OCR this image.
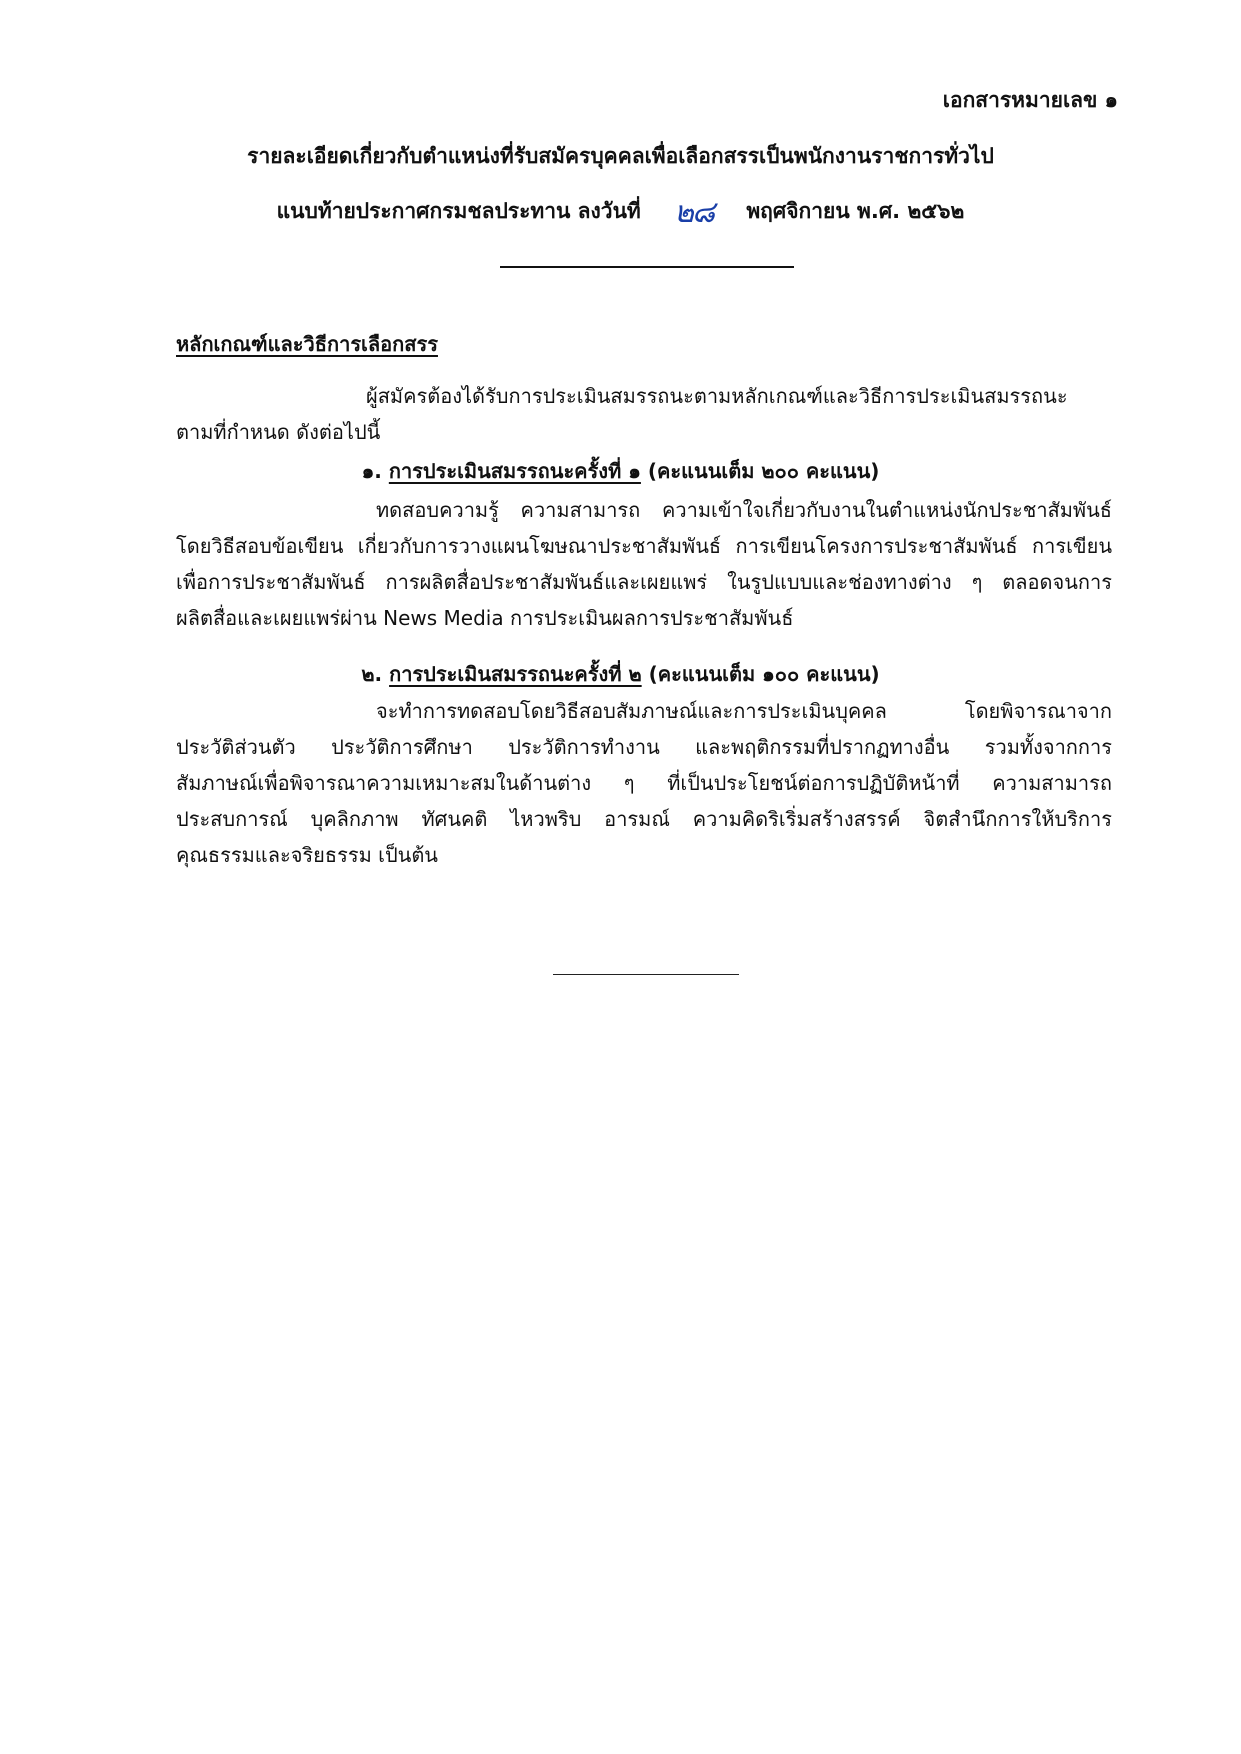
เอกสารหมายเลข ๑
รายละเอียดเกี่ยวกับตำแหน่งที่รับสมัครบุคคลเพื่อเลือกสรรเป็นพนักงานราชการทั่วไป
แนบท้ายประกาศกรมชลประทาน ลงวันที่ ๒๘ พฤศจิกายน พ.ศ. ๒๕๖๒
หลักเกณฑ์และวิธีการเลือกสรร
ผู้สมัครต้องได้รับการประเมินสมรรถนะตามหลักเกณฑ์และวิธีการประเมินสมรรถนะ
ตามที่กำหนด ดังต่อไปนี้
๑. การประเมินสมรรถนะครั้งที่ ๑ (คะแนนเต็ม ๒๐๐ คะแนน)
ทดสอบความรู้ ความสามารถ ความเข้าใจเกี่ยวกับงานในตำแหน่งนักประชาสัมพันธ์
โดยวิธีสอบข้อเขียน เกี่ยวกับการวางแผนโฆษณาประชาสัมพันธ์ การเขียนโครงการประชาสัมพันธ์ การเขียน
เพื่อการประชาสัมพันธ์ การผลิตสื่อประชาสัมพันธ์และเผยแพร่ ในรูปแบบและช่องทางต่าง ๆ ตลอดจนการ
ผลิตสื่อและเผยแพร่ผ่าน News Media การประเมินผลการประชาสัมพันธ์
๒. การประเมินสมรรถนะครั้งที่ ๒ (คะแนนเต็ม ๑๐๐ คะแนน)
จะทำการทดสอบโดยวิธีสอบสัมภาษณ์และการประเมินบุคคล โดยพิจารณาจาก
ประวัติส่วนตัว ประวัติการศึกษา ประวัติการทำงาน และพฤติกรรมที่ปรากฏทางอื่น รวมทั้งจากการ
สัมภาษณ์เพื่อพิจารณาความเหมาะสมในด้านต่าง ๆ ที่เป็นประโยชน์ต่อการปฏิบัติหน้าที่ ความสามารถ
ประสบการณ์ บุคลิกภาพ ทัศนคติ ไหวพริบ อารมณ์ ความคิดริเริ่มสร้างสรรค์ จิตสำนึกการให้บริการ
คุณธรรมและจริยธรรม เป็นต้น
